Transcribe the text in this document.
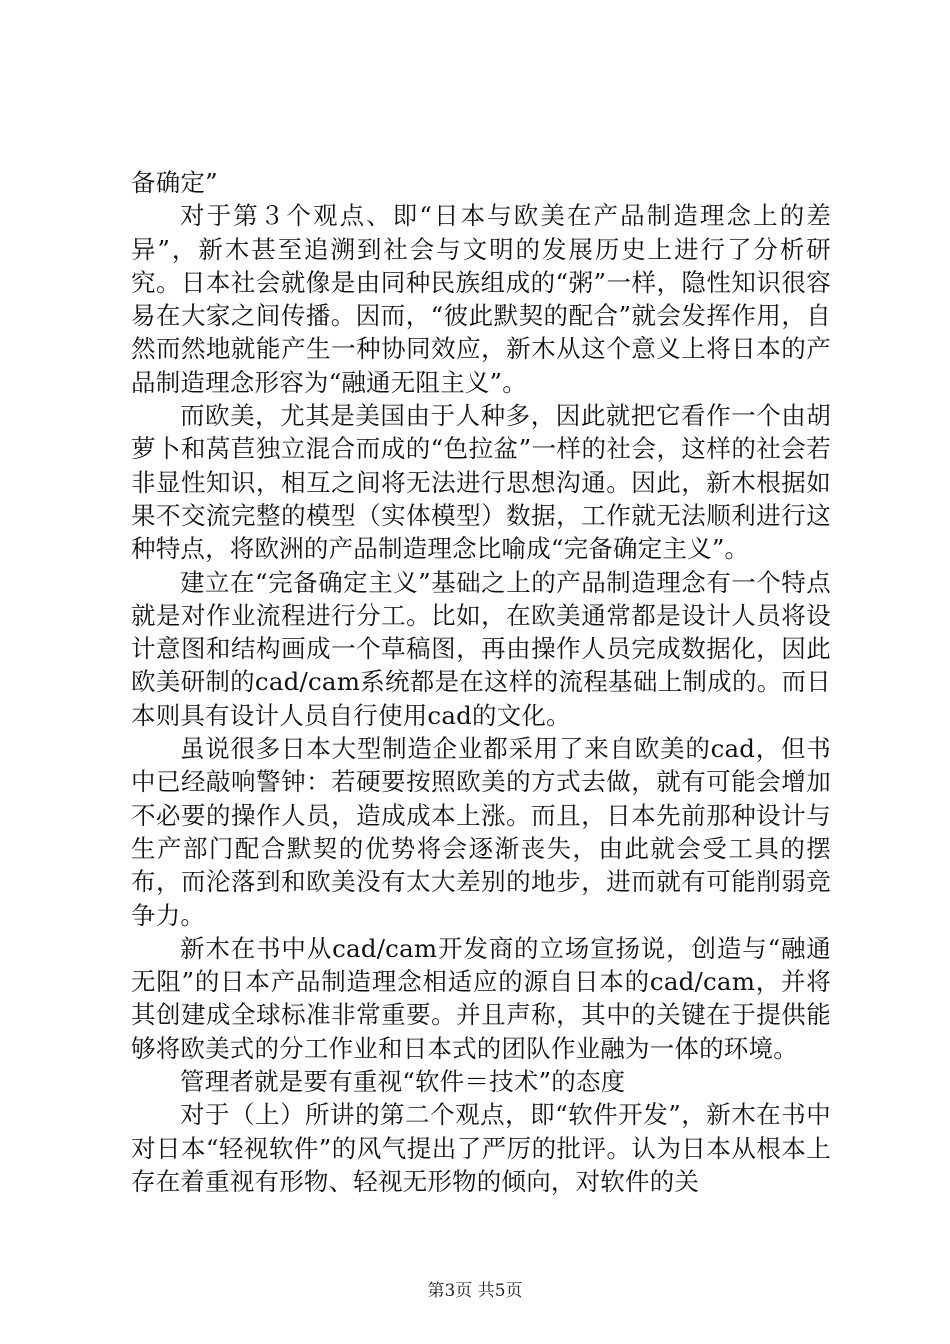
备确定”

对于第３个观点、即“日本与欧美在产品制造理念上的差异”，新木甚至追溯到社会与文明的发展历史上进行了分析研究。日本社会就像是由同种民族组成的“粥”一样，隐性知识很容易在大家之间传播。因而，“彼此默契的配合”就会发挥作用，自然而然地就能产生一种协同效应，新木从这个意义上将日本的产品制造理念形容为“融通无阻主义”。

而欧美，尤其是美国由于人种多，因此就把它看作一个由胡萝卜和莴苣独立混合而成的“色拉盆”一样的社会，这样的社会若非显性知识，相互之间将无法进行思想沟通。因此，新木根据如果不交流完整的模型（实体模型）数据，工作就无法顺利进行这种特点，将欧洲的产品制造理念比喻成“完备确定主义”。

建立在“完备确定主义”基础之上的产品制造理念有一个特点就是对作业流程进行分工。比如，在欧美通常都是设计人员将设计意图和结构画成一个草稿图，再由操作人员完成数据化，因此欧美研制的cad/cam系统都是在这样的流程基础上制成的。而日本则具有设计人员自行使用cad的文化。

虽说很多日本大型制造企业都采用了来自欧美的cad，但书中已经敲响警钟：若硬要按照欧美的方式去做，就有可能会增加不必要的操作人员，造成成本上涨。而且，日本先前那种设计与生产部门配合默契的优势将会逐渐丧失，由此就会受工具的摆布，而沦落到和欧美没有太大差别的地步，进而就有可能削弱竞争力。

新木在书中从cad/cam开发商的立场宣扬说，创造与“融通无阻”的日本产品制造理念相适应的源自日本的cad/cam，并将其创建成全球标准非常重要。并且声称，其中的关键在于提供能够将欧美式的分工作业和日本式的团队作业融为一体的环境。

管理者就是要有重视“软件＝技术”的态度

对于（上）所讲的第二个观点，即“软件开发”，新木在书中对日本“轻视软件”的风气提出了严厉的批评。认为日本从根本上存在着重视有形物、轻视无形物的倾向，对软件的关

第3页 共5页
